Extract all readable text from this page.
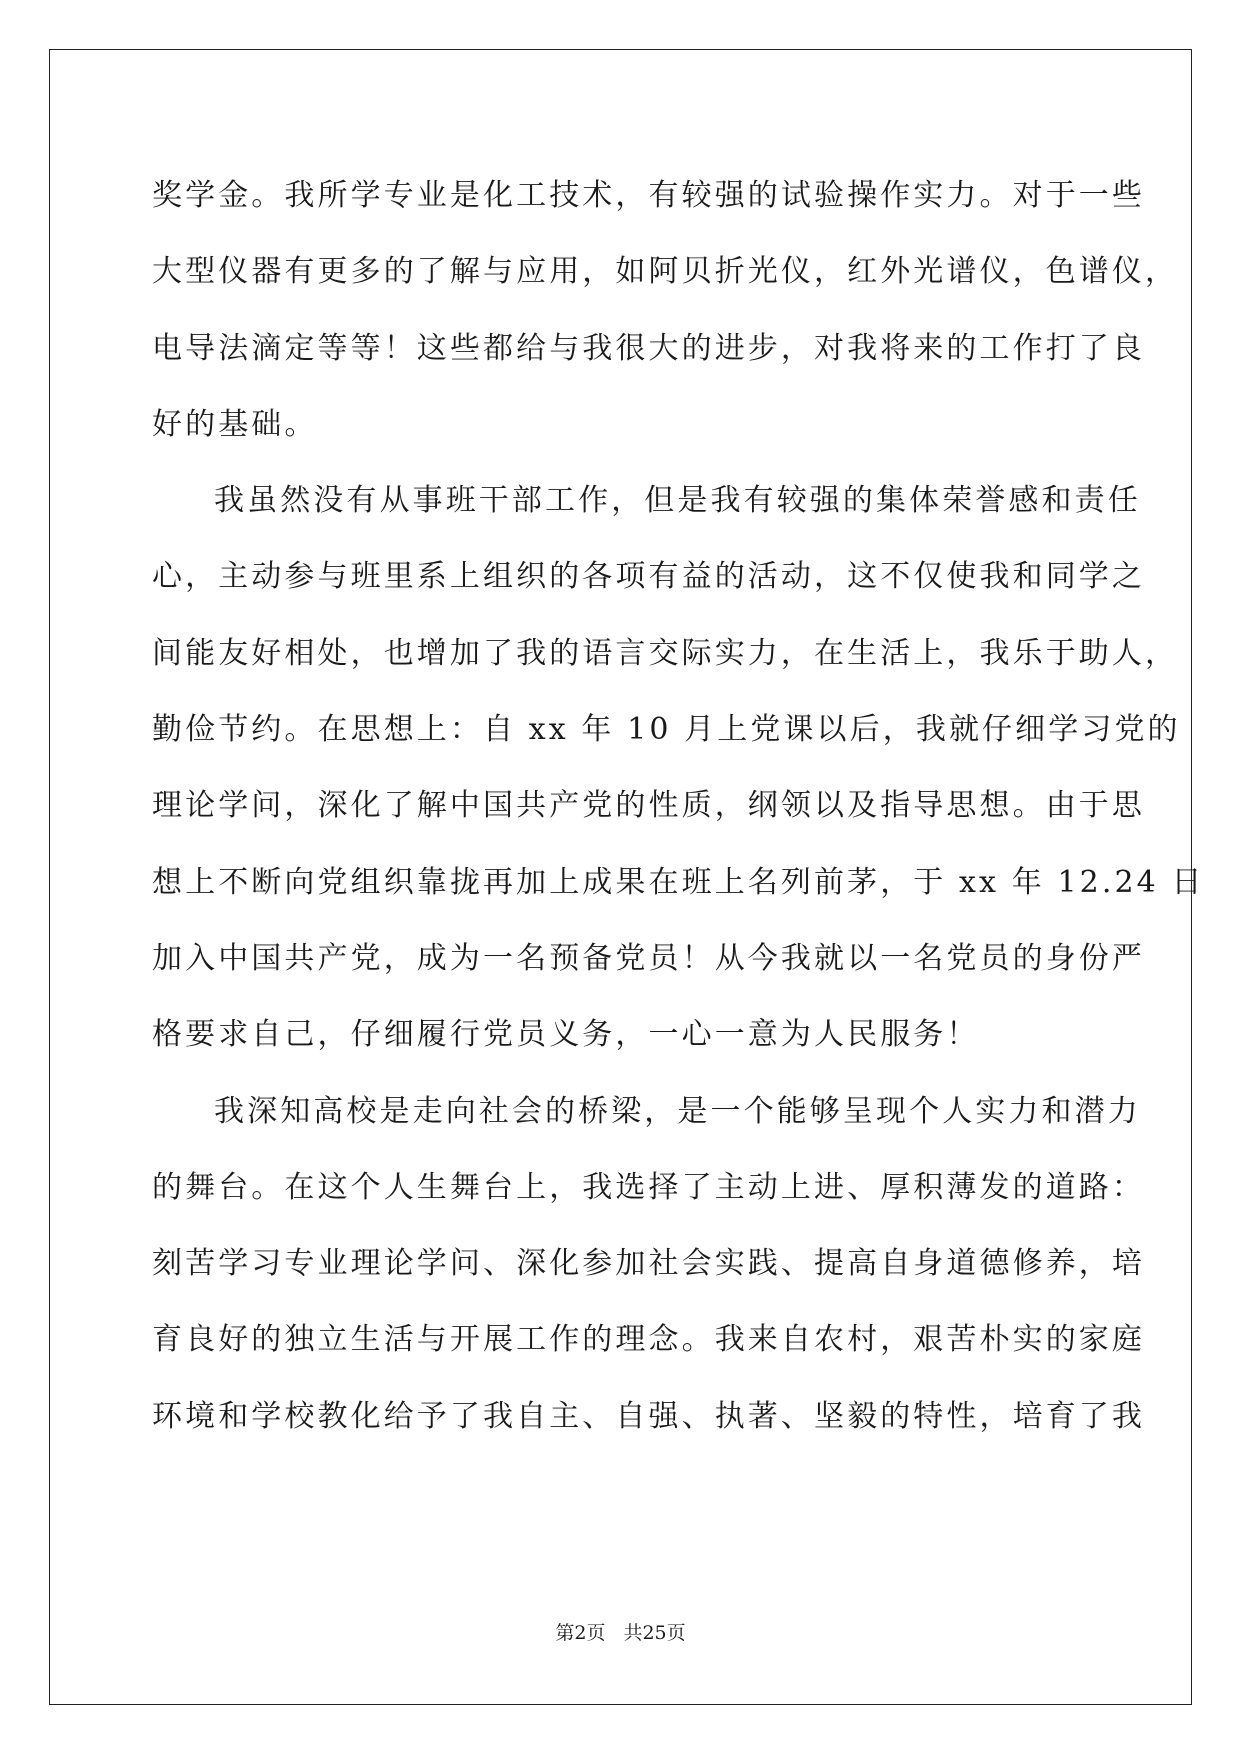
奖学金。我所学专业是化工技术，有较强的试验操作实力。对于一些
大型仪器有更多的了解与应用，如阿贝折光仪，红外光谱仪，色谱仪，
电导法滴定等等！这些都给与我很大的进步，对我将来的工作打了良
好的基础。
我虽然没有从事班干部工作，但是我有较强的集体荣誉感和责任
心，主动参与班里系上组织的各项有益的活动，这不仅使我和同学之
间能友好相处，也增加了我的语言交际实力，在生活上，我乐于助人，
勤俭节约。在思想上：自 xx 年 10 月上党课以后，我就仔细学习党的
理论学问，深化了解中国共产党的性质，纲领以及指导思想。由于思
想上不断向党组织靠拢再加上成果在班上名列前茅，于 xx 年 12.24 日
加入中国共产党，成为一名预备党员！从今我就以一名党员的身份严
格要求自己，仔细履行党员义务，一心一意为人民服务！
我深知高校是走向社会的桥梁，是一个能够呈现个人实力和潜力
的舞台。在这个人生舞台上，我选择了主动上进、厚积薄发的道路：
刻苦学习专业理论学问、深化参加社会实践、提高自身道德修养，培
育良好的独立生活与开展工作的理念。我来自农村，艰苦朴实的家庭
环境和学校教化给予了我自主、自强、执著、坚毅的特性，培育了我
第2页 共25页
